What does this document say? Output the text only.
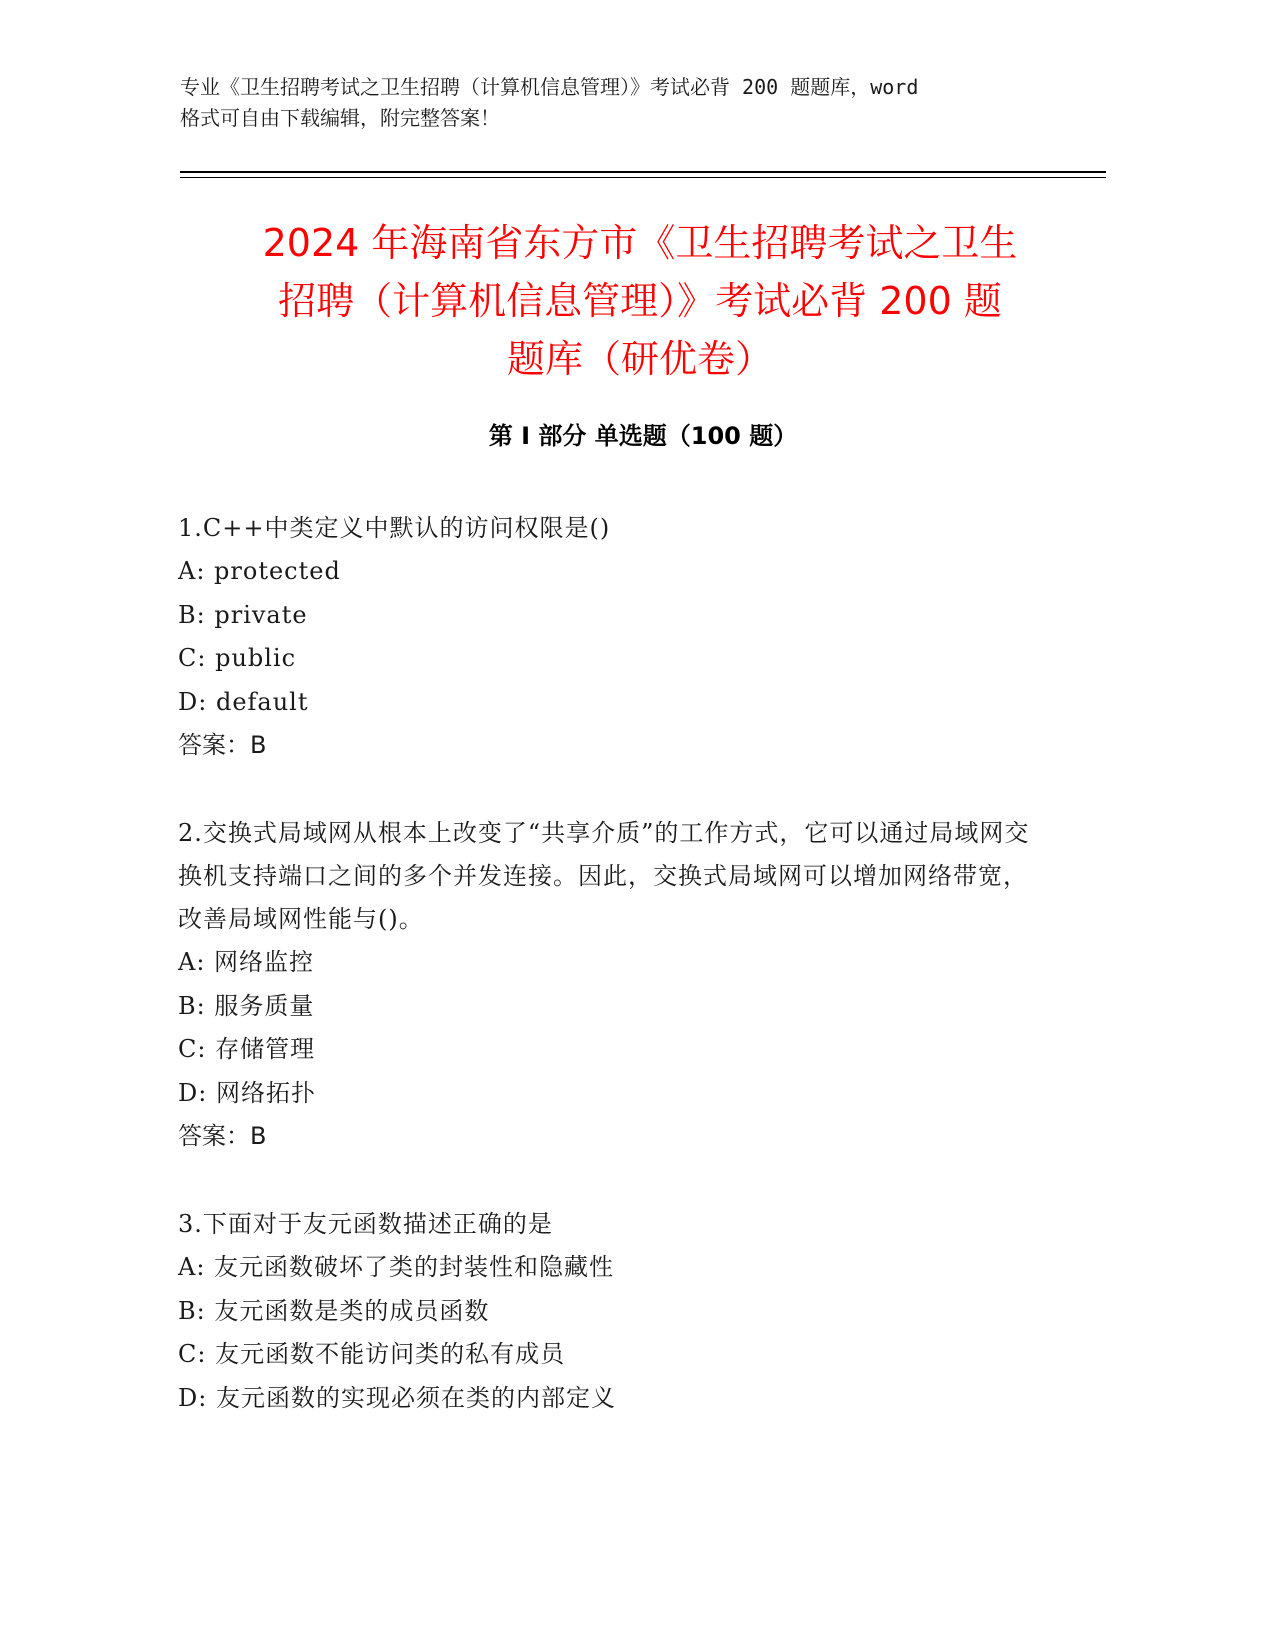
专业《卫生招聘考试之卫生招聘（计算机信息管理）》考试必背 200 题题库，word
格式可自由下载编辑，附完整答案！
2024 年海南省东方市《卫生招聘考试之卫生
招聘（计算机信息管理）》考试必背 200 题
题库（研优卷）
第 I 部分 单选题（100 题）

1.C++中类定义中默认的访问权限是()

A: protected

B: private

C: public

D: default

答案：B

2.交换式局域网从根本上改变了“共享介质”的工作方式，它可以通过局域网交换机支持端口之间的多个并发连接。因此，交换式局域网可以增加网络带宽，改善局域网性能与()。

A: 网络监控

B: 服务质量

C: 存储管理

D: 网络拓扑

答案：B

3.下面对于友元函数描述正确的是

A: 友元函数破坏了类的封装性和隐藏性

B: 友元函数是类的成员函数

C: 友元函数不能访问类的私有成员

D: 友元函数的实现必须在类的内部定义
